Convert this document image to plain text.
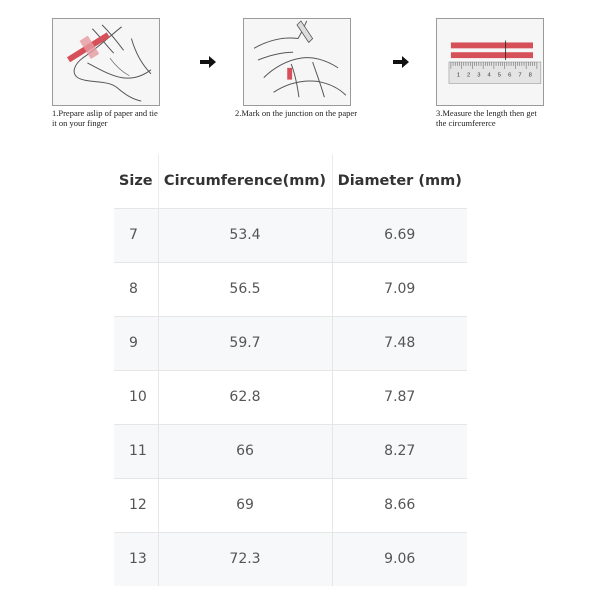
1.Prepare aslip of paper and tie
it on your finger
2.Mark on the junction on the paper
1 2 3 4 5 6 7 8
3.Measure the length then get
the circumfererce
Size	Circumference(mm)	Diameter (mm)
7	53.4	6.69
8	56.5	7.09
9	59.7	7.48
10	62.8	7.87
11	66	8.27
12	69	8.66
13	72.3	9.06
